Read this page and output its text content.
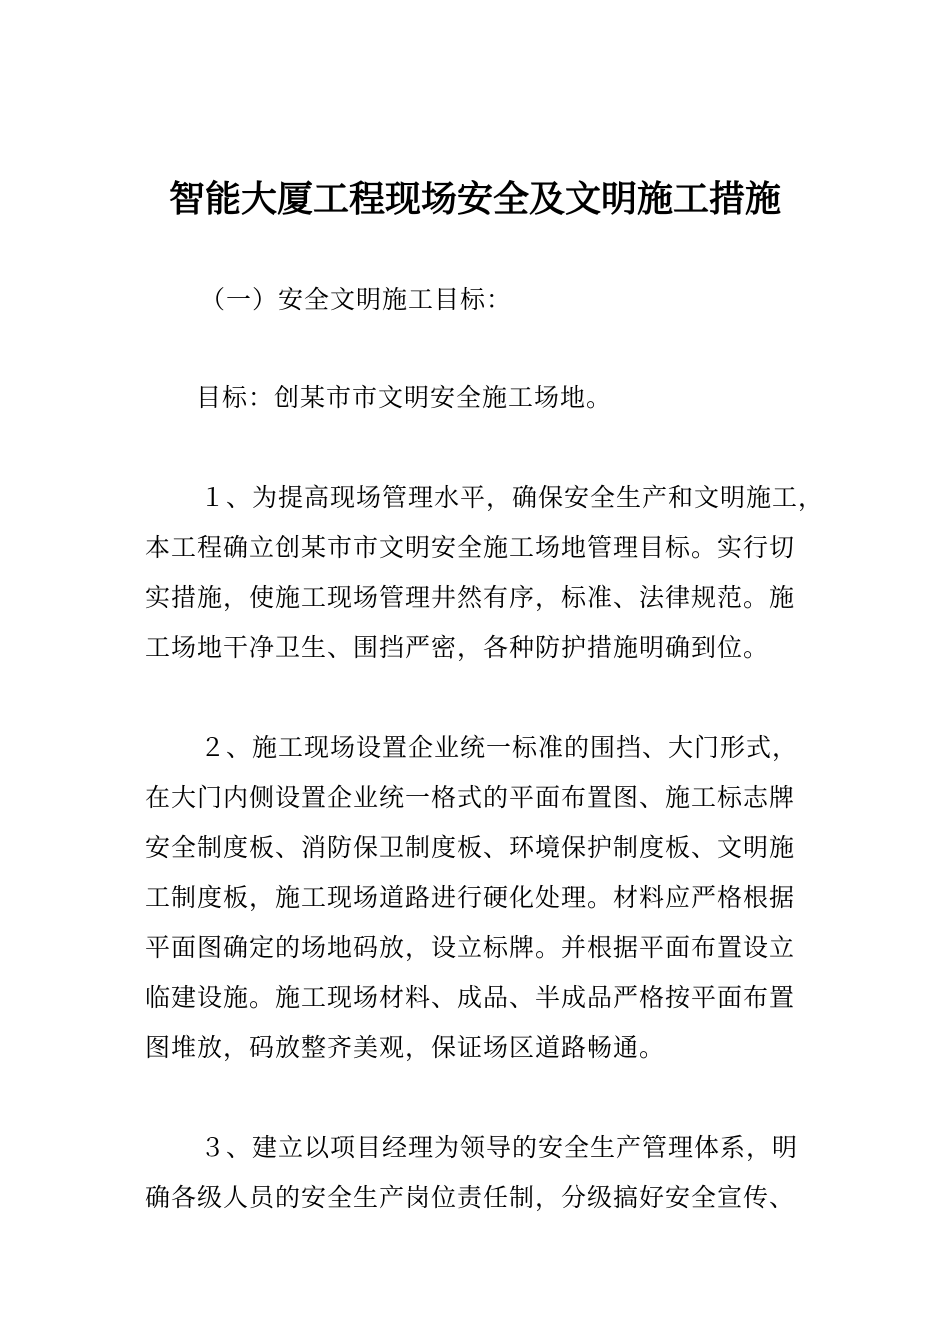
智能大厦工程现场安全及文明施工措施
（一）安全文明施工目标：
目标：创某市市文明安全施工场地。
１、为提高现场管理水平，确保安全生产和文明施工，
本工程确立创某市市文明安全施工场地管理目标。实行切
实措施，使施工现场管理井然有序，标准、法律规范。施
工场地干净卫生、围挡严密，各种防护措施明确到位。
２、施工现场设置企业统一标准的围挡、大门形式，
在大门内侧设置企业统一格式的平面布置图、施工标志牌
安全制度板、消防保卫制度板、环境保护制度板、文明施
工制度板，施工现场道路进行硬化处理。材料应严格根据
平面图确定的场地码放，设立标牌。并根据平面布置设立
临建设施。施工现场材料、成品、半成品严格按平面布置
图堆放，码放整齐美观，保证场区道路畅通。
３、建立以项目经理为领导的安全生产管理体系，明
确各级人员的安全生产岗位责任制，分级搞好安全宣传、
